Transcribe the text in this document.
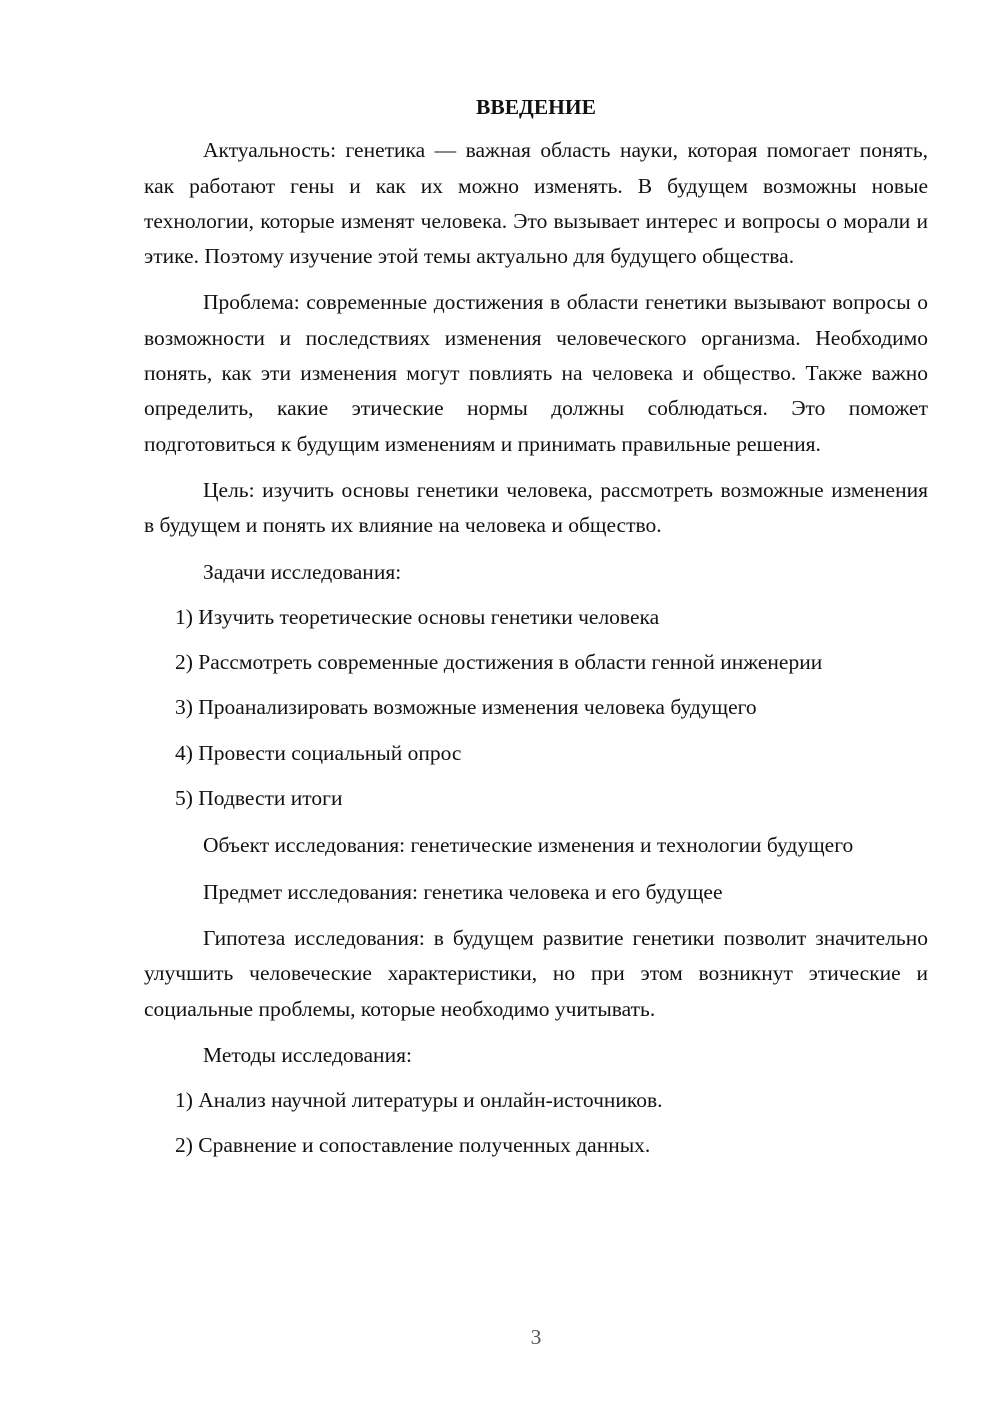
ВВЕДЕНИЕ

Актуальность: генетика — важная область науки, которая помогает понять, как работают гены и как их можно изменять. В будущем возможны новые технологии, которые изменят человека. Это вызывает интерес и вопросы о морали и этике. Поэтому изучение этой темы актуально для будущего общества.

Проблема: современные достижения в области генетики вызывают вопросы о возможности и последствиях изменения человеческого организма. Необходимо понять, как эти изменения могут повлиять на человека и общество. Также важно определить, какие этические нормы должны соблюдаться. Это поможет подготовиться к будущим изменениям и принимать правильные решения.

Цель: изучить основы генетики человека, рассмотреть возможные изменения в будущем и понять их влияние на человека и общество.

Задачи исследования:

1) Изучить теоретические основы генетики человека
2) Рассмотреть современные достижения в области генной инженерии
3) Проанализировать возможные изменения человека будущего
4) Провести социальный опрос
5) Подвести итоги

Объект исследования: генетические изменения и технологии будущего

Предмет исследования: генетика человека и его будущее

Гипотеза исследования: в будущем развитие генетики позволит значительно улучшить человеческие характеристики, но при этом возникнут этические и социальные проблемы, которые необходимо учитывать.

Методы исследования:

1) Анализ научной литературы и онлайн-источников.
2) Сравнение и сопоставление полученных данных.
3
